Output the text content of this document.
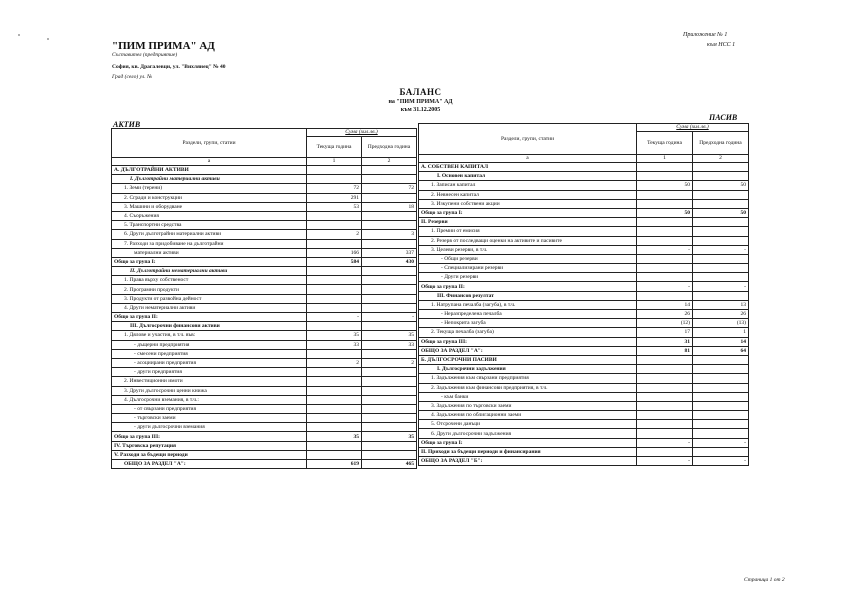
"ПИМ ПРИМА" АД
Съставител (предприятие)
София, кв. Драгалевци, ул. "Вихлянец" № 40
Град (село) ул. №
Приложение № 1
към НСС 1
БАЛАНС
на "ПИМ ПРИМА" АД
към 31.12.2005
АКТИВ
ПАСИВ
Раздели, групи, статии	Сума (хил.лв.)	
	Текуща година	Предходна година
а	1	2
А. ДЪЛГОТРАЙНИ АКТИВИ		
I. Дълготрайни материални активи		
1. Земи (терени)	72	72
2. Сгради и конструкции	291	
3. Машини и оборудване	53	18
4. Съоръжения		
5. Транспортни средства		
6. Други дълготрайни материални активи	2	3
7. Разходи за придобиване на дълготрайни		
материални активи	166	337
Общо за група I:	584	430
II. Дълготрайни нематериални активи		
1. Права върху собственост		
2. Програмни продукти		
3. Продукти от развойна дейност		
4. Други нематериални активи		
Общо за група II:	-	-
III. Дългосрочни финансови активи		
1. Дялове и участия, в т.ч. във:	35	35
- дъщерни предприятия	33	33
- смесени предприятия		
- асоциирани предприятия	2	2
- други предприятия		
2. Инвестиционни имоти		
3. Други дългосрочни ценни книжа		
4. Дългосрочни вземания, в т.ч.:		
- от свързани предприятия		
- търговски заеми		
- други дългосрочни вземания		
Общо за група III:	35	35
IV. Търговска репутация		
V. Разходи за бъдещи периоди		
ОБЩО ЗА РАЗДЕЛ "А":	619	465
Раздели, групи, статии	Сума (хил.лв.)	
	Текуща година	Предходна година
а	1	2
А. СОБСТВЕН КАПИТАЛ		
I. Основен капитал		
1. Записан капитал	50	50
2. Невнесен капитал		
3. Изкупени собствени акции		
Общо за група I:	50	50
II. Резерви		
1. Премии от емисия		
2. Резерв от последващи оценки на активите и пасивите		
3. Целеви резерви, в т.ч.	-	-
- Общи резерви		
- Специализирани резерви		
- Други резерви		
Общо за група II:	-	-
III. Финансов резултат		
1. Натрупана печалба (загуба), в т.ч.	14	13
- Неразпределена печалба	26	26
- Непокрита загуба	(12)	(13)
2. Текуща печалба (загуба)	17	1
Общо за група III:	31	14
ОБЩО ЗА РАЗДЕЛ "А":	81	64
Б. ДЪЛГОСРОЧНИ ПАСИВИ		
I. Дългосрочни задължения		
1. Задължения към свързани предприятия		
2. Задължения към финансови предприятия, в т.ч.		
- към банки		
3. Задължения по търговски заеми		
4. Задължения по облигационни заеми		
5. Отсрочени данъци		
6. Други дългосрочни задължения		
Общо за група I:	-	-
II. Приходи за бъдещи периоди и финансирания		
ОБЩО ЗА РАЗДЕЛ "Б":	-	-
Страница 1 от 2
